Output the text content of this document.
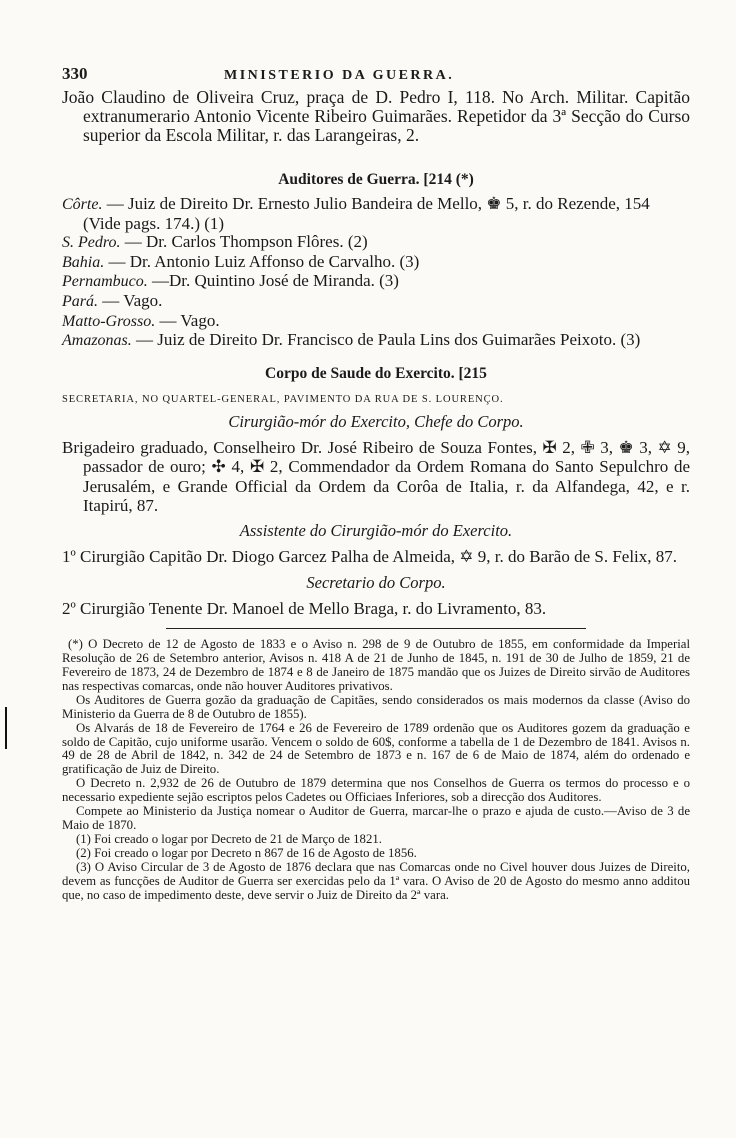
330	MINISTERIO DA GUERRA.

João Claudino de Oliveira Cruz, praça de D. Pedro I, 118. No Arch. Militar. Capitão extranumerario Antonio Vicente Ribeiro Guimarães. Repetidor da 3ª Secção do Curso superior da Escola Militar, r. das Larangeiras, 2.

Auditores de Guerra. [214 (*)

Côrte. — Juiz de Direito Dr. Ernesto Julio Bandeira de Mello, ♚ 5, r. do Rezende, 154 (Vide pags. 174.) (1)

S. Pedro. — Dr. Carlos Thompson Flôres. (2)

Bahia. — Dr. Antonio Luiz Affonso de Carvalho. (3)

Pernambuco. —Dr. Quintino José de Miranda. (3)

Pará. — Vago.

Matto-Grosso. — Vago.

Amazonas. — Juiz de Direito Dr. Francisco de Paula Lins dos Guimarães Peixoto. (3)

Corpo de Saude do Exercito. [215
SECRETARIA, NO QUARTEL-GENERAL, PAVIMENTO DA RUA DE S. LOURENÇO.
Cirurgião-mór do Exercito, Chefe do Corpo.

Brigadeiro graduado, Conselheiro Dr. José Ribeiro de Souza Fontes, ✠ 2, ✙ 3, ♚ 3, ✡ 9, passador de ouro; ✣ 4, ✠ 2, Commendador da Ordem Romana do Santo Sepulchro de Jerusalém, e Grande Official da Ordem da Corôa de Italia, r. da Alfandega, 42, e r. Itapirú, 87.

Assistente do Cirurgião-mór do Exercito.

1º Cirurgião Capitão Dr. Diogo Garcez Palha de Almeida, ✡ 9, r. do Barão de S. Felix, 87.

Secretario do Corpo.

2º Cirurgião Tenente Dr. Manoel de Mello Braga, r. do Livramento, 83.

(*) O Decreto de 12 de Agosto de 1833 e o Aviso n. 298 de 9 de Outubro de 1855, em conformidade da Imperial Resolução de 26 de Setembro anterior, Avisos n. 418 A de 21 de Junho de 1845, n. 191 de 30 de Julho de 1859, 21 de Fevereiro de 1873, 24 de Dezembro de 1874 e 8 de Janeiro de 1875 mandão que os Juizes de Direito sirvão de Auditores nas respectivas comarcas, onde não houver Auditores privativos.

Os Auditores de Guerra gozão da graduação de Capitães, sendo considerados os mais modernos da classe (Aviso do Ministerio da Guerra de 8 de Outubro de 1855).

Os Alvarás de 18 de Fevereiro de 1764 e 26 de Fevereiro de 1789 ordenão que os Auditores gozem da graduação e soldo de Capitão, cujo uniforme usarão. Vencem o soldo de 60$, conforme a tabella de 1 de Dezembro de 1841. Avisos n. 49 de 28 de Abril de 1842, n. 342 de 24 de Setembro de 1873 e n. 167 de 6 de Maio de 1874, além do ordenado e gratificação de Juiz de Direito.

O Decreto n. 2,932 de 26 de Outubro de 1879 determina que nos Conselhos de Guerra os termos do processo e o necessario expediente sejão escriptos pelos Cadetes ou Officiaes Inferiores, sob a direcção dos Auditores.

Compete ao Ministerio da Justiça nomear o Auditor de Guerra, marcar-lhe o prazo e ajuda de custo.—Aviso de 3 de Maio de 1870.

(1) Foi creado o logar por Decreto de 21 de Março de 1821.

(2) Foi creado o logar por Decreto n 867 de 16 de Agosto de 1856.

(3) O Aviso Circular de 3 de Agosto de 1876 declara que nas Comarcas onde no Civel houver dous Juizes de Direito, devem as funcções de Auditor de Guerra ser exercidas pelo da 1ª vara. O Aviso de 20 de Agosto do mesmo anno additou que, no caso de impedimento deste, deve servir o Juiz de Direito da 2ª vara.
